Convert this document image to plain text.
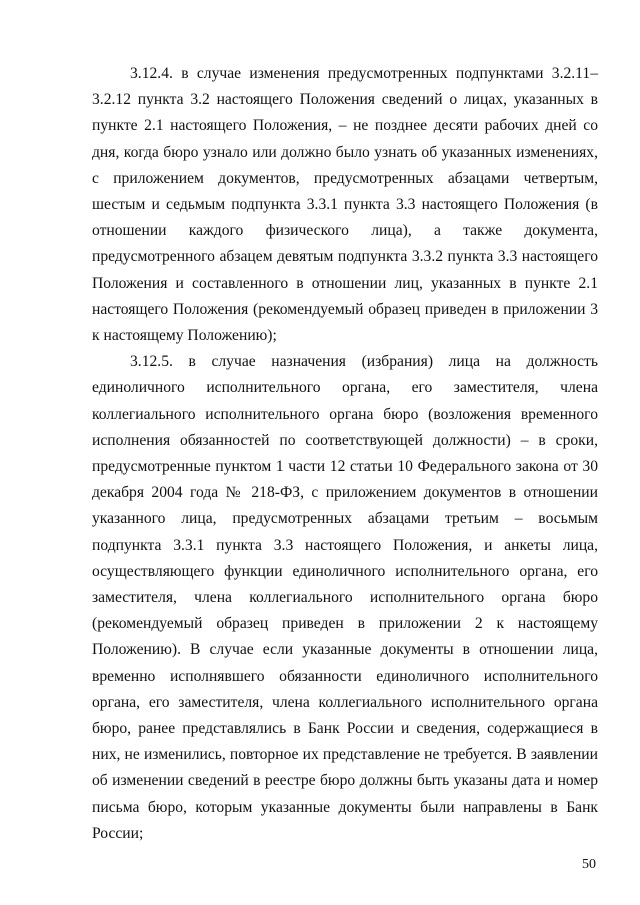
3.12.4. в случае изменения предусмотренных подпунктами 3.2.11–3.2.12 пункта 3.2 настоящего Положения сведений о лицах, указанных в пункте 2.1 настоящего Положения, – не позднее десяти рабочих дней со дня, когда бюро узнало или должно было узнать об указанных изменениях, с приложением документов, предусмотренных абзацами четвертым, шестым и седьмым подпункта 3.3.1 пункта 3.3 настоящего Положения (в отношении каждого физического лица), а также документа, предусмотренного абзацем девятым подпункта 3.3.2 пункта 3.3 настоящего Положения и составленного в отношении лиц, указанных в пункте 2.1 настоящего Положения (рекомендуемый образец приведен в приложении 3 к настоящему Положению);

3.12.5. в случае назначения (избрания) лица на должность единоличного исполнительного органа, его заместителя, члена коллегиального исполнительного органа бюро (возложения временного исполнения обязанностей по соответствующей должности) – в сроки, предусмотренные пунктом 1 части 12 статьи 10 Федерального закона от 30 декабря 2004 года № 218-ФЗ, с приложением документов в отношении указанного лица, предусмотренных абзацами третьим – восьмым подпункта 3.3.1 пункта 3.3 настоящего Положения, и анкеты лица, осуществляющего функции единоличного исполнительного органа, его заместителя, члена коллегиального исполнительного органа бюро (рекомендуемый образец приведен в приложении 2 к настоящему Положению). В случае если указанные документы в отношении лица, временно исполнявшего обязанности единоличного исполнительного органа, его заместителя, члена коллегиального исполнительного органа бюро, ранее представлялись в Банк России и сведения, содержащиеся в них, не изменились, повторное их представление не требуется. В заявлении об изменении сведений в реестре бюро должны быть указаны дата и номер письма бюро, которым указанные документы были направлены в Банк России;

50
